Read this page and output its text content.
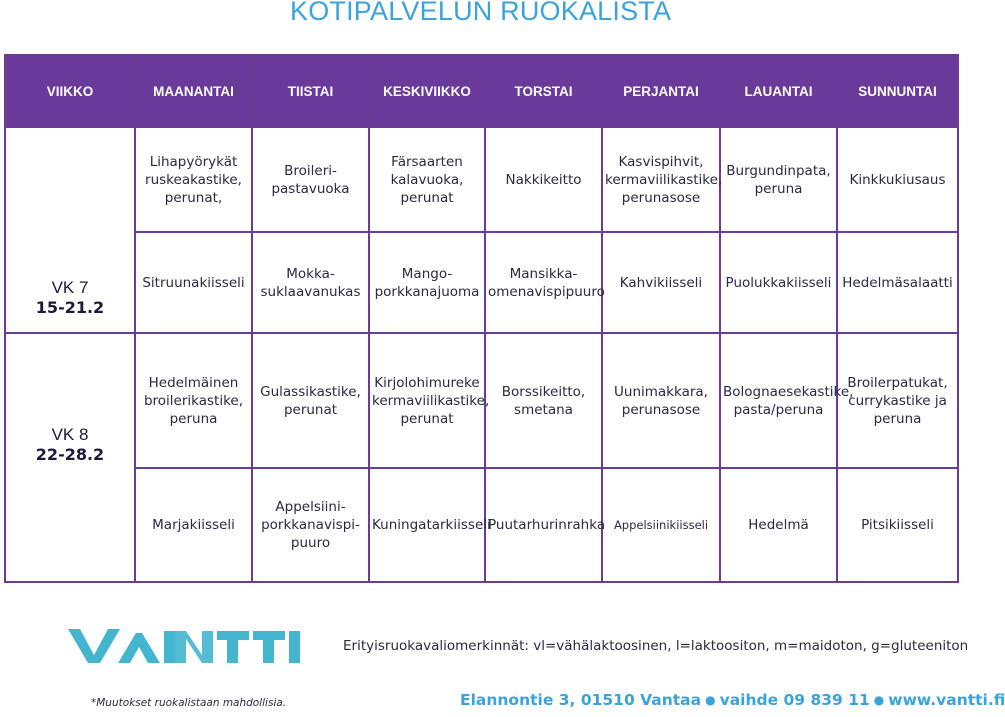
KOTIPALVELUN RUOKALISTA
VIIKKO	MAANANTAI	TIISTAI	KESKIVIIKKO	TORSTAI	PERJANTAI	LAUANTAI	SUNNUNTAI

VK 7
15-21.2	Lihapyörykät ruskeakastike, perunat,	Broileri-pastavuoka	Färsaarten kalavuoka, perunat	Nakkikeitto	Kasvispihvit, kermaviilikastike, perunasose	Burgundinpata, peruna	Kinkkukiusaus
	Sitruunakiisseli	Mokka-suklaavanukas	Mango-porkkanajuoma	Mansikka-omenavispipuuro	Kahvikiisseli	Puolukkakiisseli	Hedelmäsalaatti

VK 8
22-28.2	Hedelmäinen broilerikastike, peruna	Gulassikastike, perunat	Kirjolohimureke kermaviilikastike, perunat	Borssikeitto, smetana	Uunimakkara, perunasose	Bolognaesekastike, pasta/peruna	Broilerpatukat, currykastike ja peruna
	Marjakiisseli	Appelsiini-porkkanavispi-puuro	Kuningatarkiisseli	Puutarhurinrahka	Appelsiinikiisseli	Hedelmä	Pitsikiisseli
Erityisruokavaliomerkinnät: vl=vähälaktoosinen, l=laktoositon, m=maidoton, g=gluteeniton
*Muutokset ruokalistaan mahdollisia.	Elannontie 3, 01510 Vantaa ● vaihde 09 839 11 ● www.vantti.fi
